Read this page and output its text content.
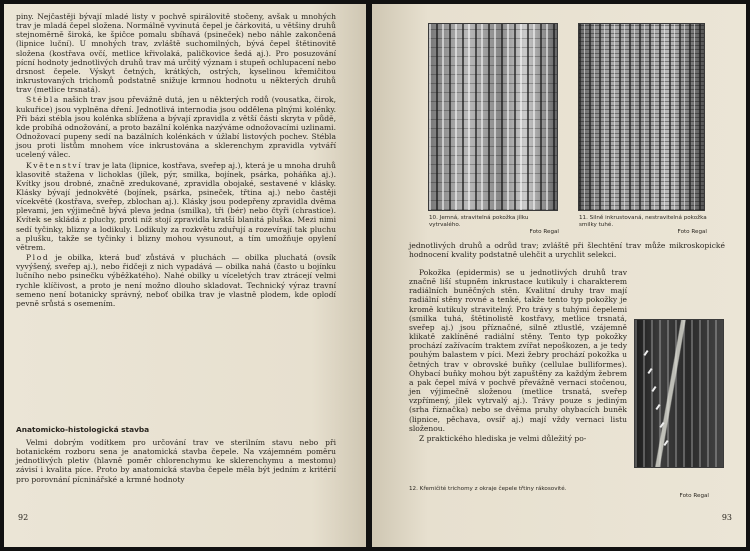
piny. Nejčastěji bývají mladé listy v pochvě spirálovitě stočeny, avšak u mnohých trav je mladá čepel složena. Normálně vyvinutá čepel je čárkovitá, u většiny druhů stejnoměrně široká, ke špičce pomalu sbíhavá (psineček) nebo náhle zakončená (lipnice luční). U mnohých trav, zvláště suchomilných, bývá čepel štětinovitě složena (kostřava ovčí, metlice křivolaká, paličkovice šedá aj.). Pro posuzování pícní hodnoty jednotlivých druhů trav má určitý význam i stupeň ochlupacení nebo drsnost čepele. Výskyt četných, krátkých, ostrých, kyselinou křemičitou inkrustovaných trichomů podstatně snižuje krmnou hodnotu u některých druhů trav (metlice trsnatá).

Stébla našich trav jsou převážně dutá, jen u některých rodů (vousatka, čirok, kukuřice) jsou vyplněna dření. Jednotlivá internodia jsou oddělena plnými kolénky. Při bázi stébla jsou kolénka sblížena a bývají zpravidla z větší části skryta v půdě, kde probíhá odnožování, a proto bazální kolénka nazýváme odnožovacími uzlinami. Odnožovací pupeny sedí na bazálních kolénkách v úžlabí listových pochev. Stébla jsou proti listům mnohem více inkrustována a sklerenchym zpravidla vytváří ucelený válec.

Květenství trav je lata (lipnice, kostřava, sveřep aj.), která je u mnoha druhů klasovitě stažena v lichoklas (jílek, pýr, smilka, bojínek, psárka, poháňka aj.). Kvítky jsou drobné, značně zredukované, zpravidla obojaké, sestavené v klásky. Klásky bývají jednokvěté (bojínek, psárka, psineček, třtina aj.) nebo častěji vícekvěté (kostřava, sveřep, zblochan aj.). Klásky jsou podepřeny zpravidla dvěma plevami, jen výjimečně bývá pleva jedna (smilka), tři (bér) nebo čtyři (chrastice). Kvítek se skládá z pluchy, proti níž stojí zpravidla kratší blanitá pluška. Mezi nimi sedí tyčinky, blizny a lodikuly. Lodikuly za rozkvětu zduřují a rozevírají tak pluchu a plušku, takže se tyčinky i blizny mohou vysunout, a tím umožňuje opylení větrem.

Plod je obilka, která buď zůstává v pluchách — obilka pluchatá (ovsík vyvýšený, sveřep aj.), nebo řidčeji z nich vypadává — obilka nahá (často u bojínku lučního nebo psinečku výběžkatého). Nahé obilky u víceletých trav ztrácejí velmi rychle klíčivost, a proto je není možno dlouho skladovat. Technický výraz travní semeno není botanicky správný, neboť obilka trav je vlastně plodem, kde oplodí pevně srůstá s osemením.

Anatomicko-histologická stavba

Velmi dobrým vodítkem pro určování trav ve sterilním stavu nebo při botanickém rozboru sena je anatomická stavba čepele. Na vzájemném poměru jednotlivých pletiv (hlavně poměr chlorenchymu ke sklerenchymu a mestomu) závisí i kvalita píce. Proto by anatomická stavba čepele měla být jedním z kritérií pro porovnání pícninářské a krmné hodnoty

92
10. Jemná, stravitelná pokožka jílku vytrvalého.
Foto Regal
11. Silně inkrustovaná, nestravitelná pokožka smilky tuhé.
Foto Regal

jednotlivých druhů a odrůd trav; zvláště při šlechtění trav může mikroskopické hodnocení kvality podstatně ulehčit a urychlit selekci.

Pokožka (epidermis) se u jednotlivých druhů trav značně liší stupněm inkrustace kutikuly i charakterem radiálních buněčných stěn. Kvalitní druhy trav mají radiální stěny rovné a tenké, takže tento typ pokožky je kromě kutikuly stravitelný. Pro trávy s tuhými čepelemi (smilka tuhá, štětinolistě kostřavy, metlice trsnatá, sveřep aj.) jsou příznačné, silně ztlustlé, vzájemně klikatě zaklíněné radiální stěny. Tento typ pokožky prochází zažívacím traktem zvířat nepoškozen, a je tedy pouhým balastem v píci. Mezi žebry prochází pokožka u četných trav v obrovské buňky (cellulae bulliformes). Ohybací buňky mohou být zapuštěny za každým žebrem a pak čepel mívá v pochvě převážně vernaci stočenou, jen výjimečně složenou (metlice trsnatá, sveřep vzpřímený, jílek vytrvalý aj.). Trávy pouze s jediným (srha říznačka) nebo se dvěma pruhy ohybacích buněk (lipnice, pěchava, ovsíř aj.) mají vždy vernaci listu složenou.

Z praktického hlediska je velmi důležitý po-

12. Křemičité trichomy z okraje čepele třtiny rákosovité.
Foto Regal
93
